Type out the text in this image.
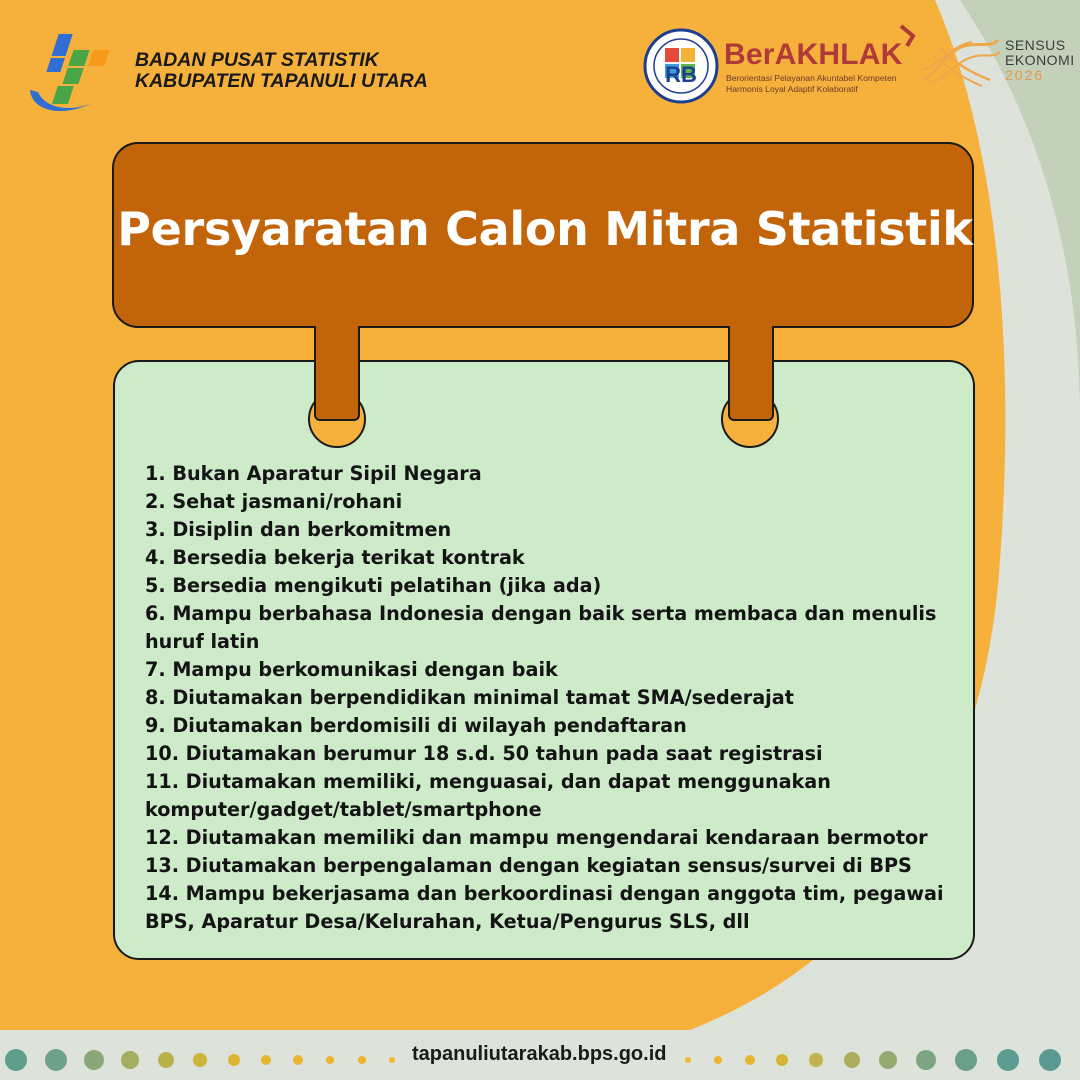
BADAN PUSAT STATISTIK
KABUPATEN TAPANULI UTARA	RB
BerAKHLAK
Berorientasi Pelayanan Akuntabel Kompeten
Harmonis Loyal Adaptif Kolaboratif
SENSUS
EKONOMI
2026
Persyaratan Calon Mitra Statistik
1. Bukan Aparatur Sipil Negara
2. Sehat jasmani/rohani
3. Disiplin dan berkomitmen
4. Bersedia bekerja terikat kontrak
5. Bersedia mengikuti pelatihan (jika ada)
6. Mampu berbahasa Indonesia dengan baik serta membaca dan menulis huruf latin
7. Mampu berkomunikasi dengan baik
8. Diutamakan berpendidikan minimal tamat SMA/sederajat
9. Diutamakan berdomisili di wilayah pendaftaran
10. Diutamakan berumur 18 s.d. 50 tahun pada saat registrasi
11. Diutamakan memiliki, menguasai, dan dapat menggunakan komputer/gadget/tablet/smartphone
12. Diutamakan memiliki dan mampu mengendarai kendaraan bermotor
13. Diutamakan berpengalaman dengan kegiatan sensus/survei di BPS
14. Mampu bekerjasama dan berkoordinasi dengan anggota tim, pegawai BPS, Aparatur Desa/Kelurahan, Ketua/Pengurus SLS, dll
tapanuliutarakab.bps.go.id
